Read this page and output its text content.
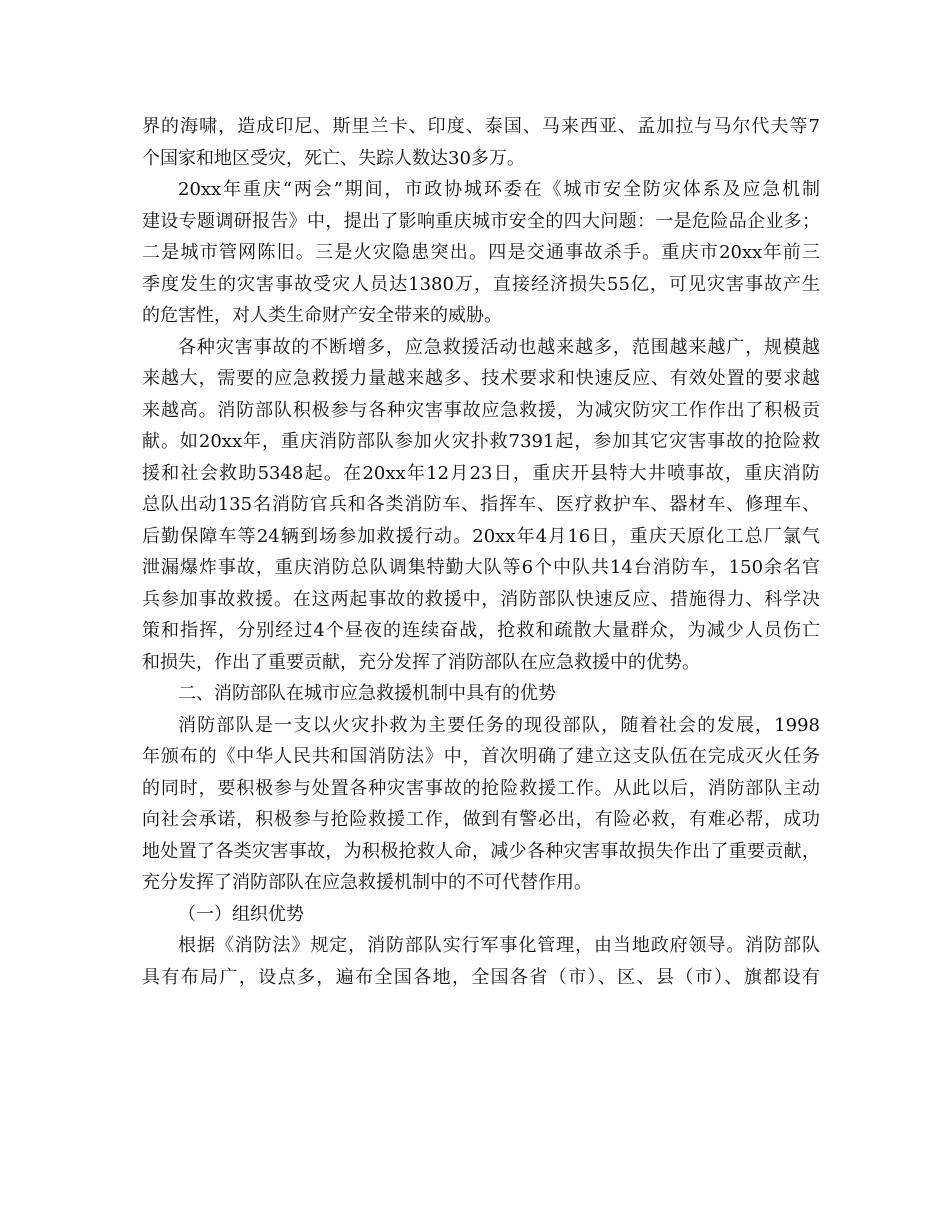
界的海啸，造成印尼、斯里兰卡、印度、泰国、马来西亚、孟加拉与马尔代夫等7
个国家和地区受灾，死亡、失踪人数达30多万。
20xx年重庆“两会”期间，市政协城环委在《城市安全防灾体系及应急机制
建设专题调研报告》中，提出了影响重庆城市安全的四大问题：一是危险品企业多；
二是城市管网陈旧。三是火灾隐患突出。四是交通事故杀手。重庆市20xx年前三
季度发生的灾害事故受灾人员达1380万，直接经济损失55亿，可见灾害事故产生
的危害性，对人类生命财产安全带来的威胁。
各种灾害事故的不断增多，应急救援活动也越来越多，范围越来越广，规模越
来越大，需要的应急救援力量越来越多、技术要求和快速反应、有效处置的要求越
来越高。消防部队积极参与各种灾害事故应急救援，为减灾防灾工作作出了积极贡
献。如20xx年，重庆消防部队参加火灾扑救7391起，参加其它灾害事故的抢险救
援和社会救助5348起。在20xx年12月23日，重庆开县特大井喷事故，重庆消防
总队出动135名消防官兵和各类消防车、指挥车、医疗救护车、器材车、修理车、
后勤保障车等24辆到场参加救援行动。20xx年4月16日，重庆天原化工总厂氯气
泄漏爆炸事故，重庆消防总队调集特勤大队等6个中队共14台消防车，150余名官
兵参加事故救援。在这两起事故的救援中，消防部队快速反应、措施得力、科学决
策和指挥，分别经过4个昼夜的连续奋战，抢救和疏散大量群众，为减少人员伤亡
和损失，作出了重要贡献，充分发挥了消防部队在应急救援中的优势。
二、消防部队在城市应急救援机制中具有的优势
消防部队是一支以火灾扑救为主要任务的现役部队，随着社会的发展，1998
年颁布的《中华人民共和国消防法》中，首次明确了建立这支队伍在完成灭火任务
的同时，要积极参与处置各种灾害事故的抢险救援工作。从此以后，消防部队主动
向社会承诺，积极参与抢险救援工作，做到有警必出，有险必救，有难必帮，成功
地处置了各类灾害事故，为积极抢救人命，减少各种灾害事故损失作出了重要贡献，
充分发挥了消防部队在应急救援机制中的不可代替作用。
（一）组织优势
根据《消防法》规定，消防部队实行军事化管理，由当地政府领导。消防部队
具有布局广，设点多，遍布全国各地，全国各省（市）、区、县（市）、旗都设有
